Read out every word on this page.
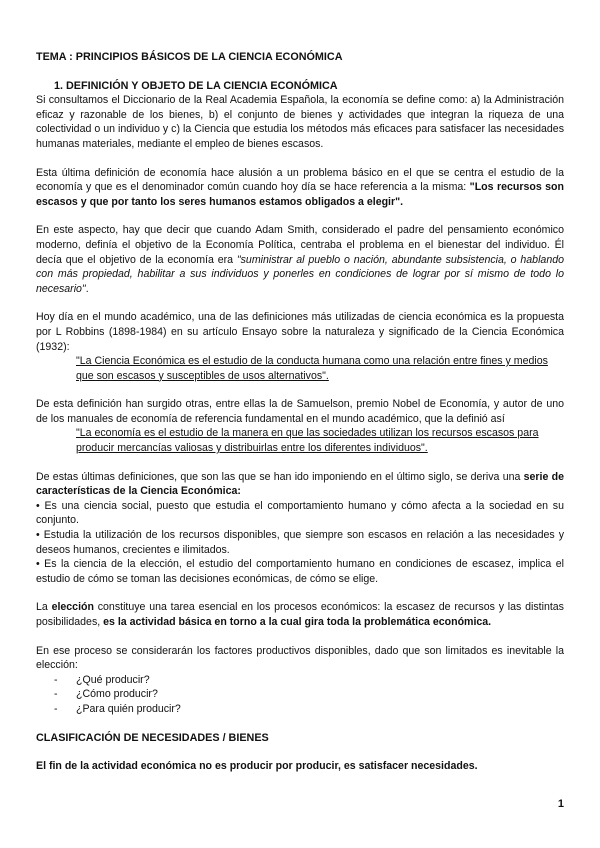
TEMA : PRINCIPIOS BÁSICOS DE LA CIENCIA ECONÓMICA

1. DEFINICIÓN Y OBJETO DE LA CIENCIA ECONÓMICA

Si consultamos el Diccionario de la Real Academia Española, la economía se define como: a) la Administración eficaz y razonable de los bienes, b) el conjunto de bienes y actividades que integran la riqueza de una colectividad o un individuo y c) la Ciencia que estudia los métodos más eficaces para satisfacer las necesidades humanas materiales, mediante el empleo de bienes escasos.

Esta última definición de economía hace alusión a un problema básico en el que se centra el estudio de la economía y que es el denominador común cuando hoy día se hace referencia a la misma: "Los recursos son escasos y que por tanto los seres humanos estamos obligados a elegir".

En este aspecto, hay que decir que cuando Adam Smith, considerado el padre del pensamiento económico moderno, definía el objetivo de la Economía Política, centraba el problema en el bienestar del individuo. Él decía que el objetivo de la economía era "suministrar al pueblo o nación, abundante subsistencia, o hablando con más propiedad, habilitar a sus individuos y ponerles en condiciones de lograr por sí mismo de todo lo necesario".

Hoy día en el mundo académico, una de las definiciones más utilizadas de ciencia económica es la propuesta por L Robbins (1898-1984) en su artículo Ensayo sobre la naturaleza y significado de la Ciencia Económica (1932):

"La Ciencia Económica es el estudio de la conducta humana como una relación entre fines y medios que son escasos y susceptibles de usos alternativos".

De esta definición han surgido otras, entre ellas la de Samuelson, premio Nobel de Economía, y autor de uno de los manuales de economía de referencia fundamental en el mundo académico, que la definió así

"La economía es el estudio de la manera en que las sociedades utilizan los recursos escasos para producir mercancías valiosas y distribuirlas entre los diferentes individuos".

De estas últimas definiciones, que son las que se han ido imponiendo en el último siglo, se deriva una serie de características de la Ciencia Económica:

• Es una ciencia social, puesto que estudia el comportamiento humano y cómo afecta a la sociedad en su conjunto.

• Estudia la utilización de los recursos disponibles, que siempre son escasos en relación a las necesidades y deseos humanos, crecientes e ilimitados.

• Es la ciencia de la elección, el estudio del comportamiento humano en condiciones de escasez, implica el estudio de cómo se toman las decisiones económicas, de cómo se elige.

La elección constituye una tarea esencial en los procesos económicos: la escasez de recursos y las distintas posibilidades, es la actividad básica en torno a la cual gira toda la problemática económica.

En ese proceso se considerarán los factores productivos disponibles, dado que son limitados es inevitable la elección:

-	¿Qué producir?
-	¿Cómo producir?
-	¿Para quién producir?

CLASIFICACIÓN DE NECESIDADES / BIENES

El fin de la actividad económica no es producir por producir, es satisfacer necesidades.

1
